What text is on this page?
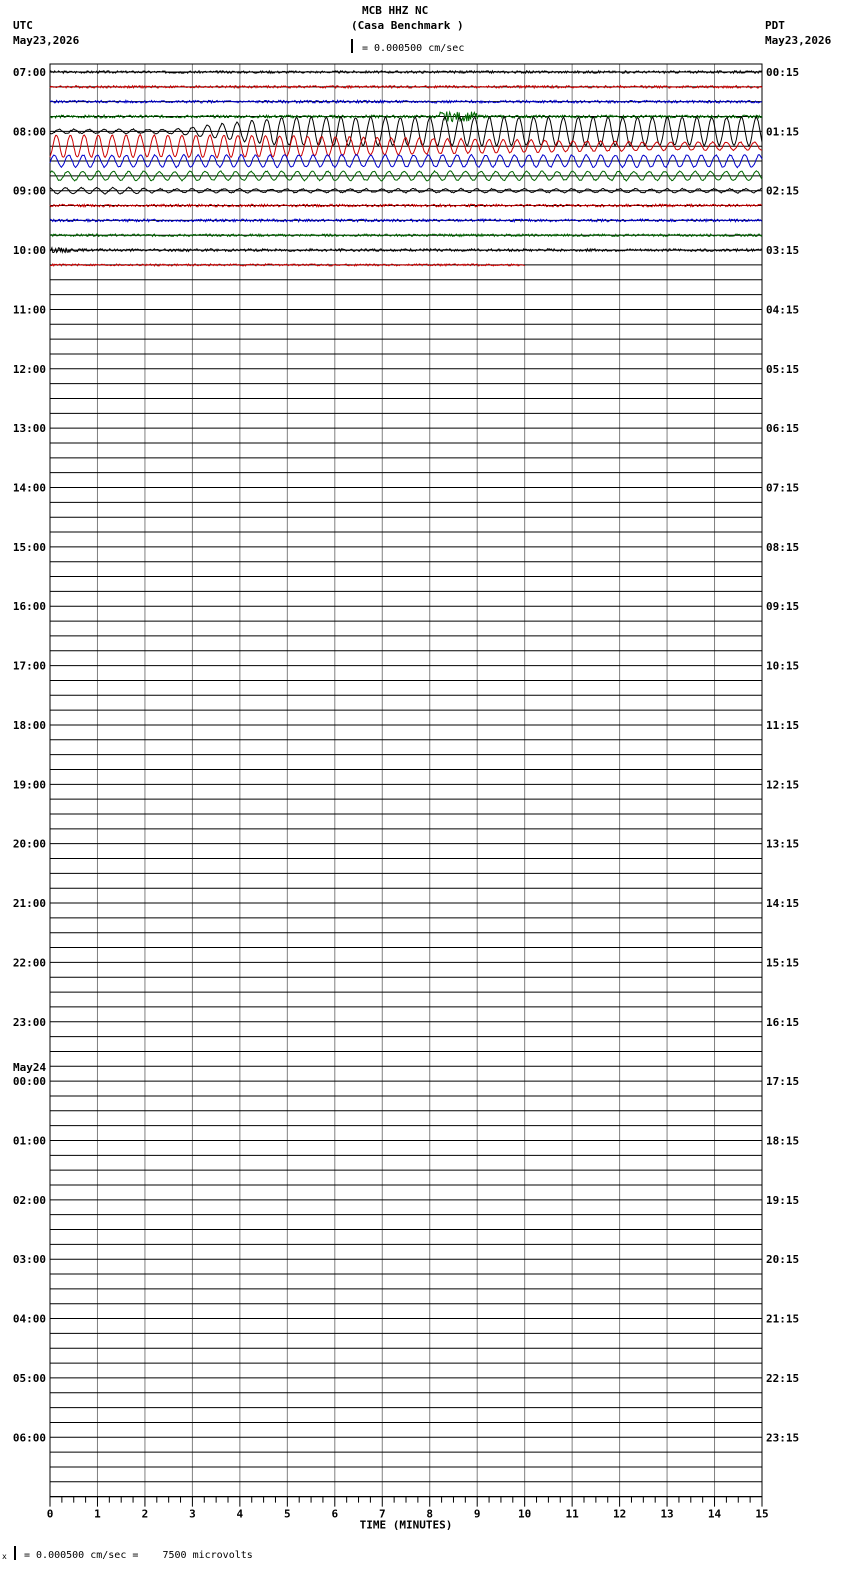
MCB HHZ NC
(Casa Benchmark )
UTC
May23,2026
PDT
May23,2026
= 0.000500 cm/sec
x = 0.000500 cm/sec =    7500 microvolts
0	1	2	3	4	5	6	7	8	9	10	11	12	13	14	15
TIME (MINUTES)
07:00
08:00
09:00
10:00
11:00
12:00
13:00
14:00
15:00
16:00
17:00
18:00
19:00
20:00
21:00
22:00
23:00
00:00
01:00
02:00
03:00
04:00
05:00
06:00
00:15
01:15
02:15
03:15
04:15
05:15
06:15
07:15
08:15
09:15
10:15
11:15
12:15
13:15
14:15
15:15
16:15
17:15
18:15
19:15
20:15
21:15
22:15
23:15
May24
